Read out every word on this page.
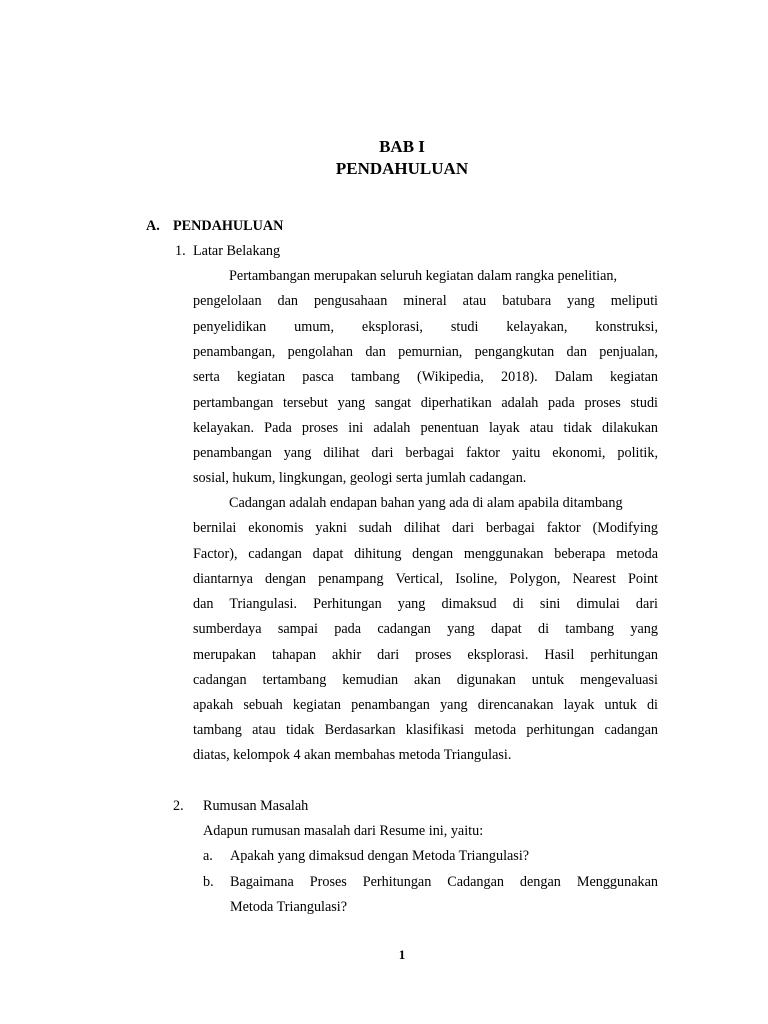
BAB I
PENDAHULUAN
A. PENDAHULUAN
1. Latar Belakang
Pertambangan merupakan seluruh kegiatan dalam rangka penelitian,
pengelolaan dan pengusahaan mineral atau batubara yang meliputi
penyelidikan umum, eksplorasi, studi kelayakan, konstruksi,
penambangan, pengolahan dan pemurnian, pengangkutan dan penjualan,
serta kegiatan pasca tambang (Wikipedia, 2018). Dalam kegiatan
pertambangan tersebut yang sangat diperhatikan adalah pada proses studi
kelayakan. Pada proses ini adalah penentuan layak atau tidak dilakukan
penambangan yang dilihat dari berbagai faktor yaitu ekonomi, politik,
sosial, hukum, lingkungan, geologi serta jumlah cadangan.
Cadangan adalah endapan bahan yang ada di alam apabila ditambang
bernilai ekonomis yakni sudah dilihat dari berbagai faktor (Modifying
Factor), cadangan dapat dihitung dengan menggunakan beberapa metoda
diantarnya dengan penampang Vertical, Isoline, Polygon, Nearest Point
dan Triangulasi. Perhitungan yang dimaksud di sini dimulai dari
sumberdaya sampai pada cadangan yang dapat di tambang yang
merupakan tahapan akhir dari proses eksplorasi. Hasil perhitungan
cadangan tertambang kemudian akan digunakan untuk mengevaluasi
apakah sebuah kegiatan penambangan yang direncanakan layak untuk di
tambang atau tidak Berdasarkan klasifikasi metoda perhitungan cadangan
diatas, kelompok 4 akan membahas metoda Triangulasi.
2. Rumusan Masalah
Adapun rumusan masalah dari Resume ini, yaitu:
a. Apakah yang dimaksud dengan Metoda Triangulasi?
b. Bagaimana Proses Perhitungan Cadangan dengan Menggunakan
Metoda Triangulasi?
1
